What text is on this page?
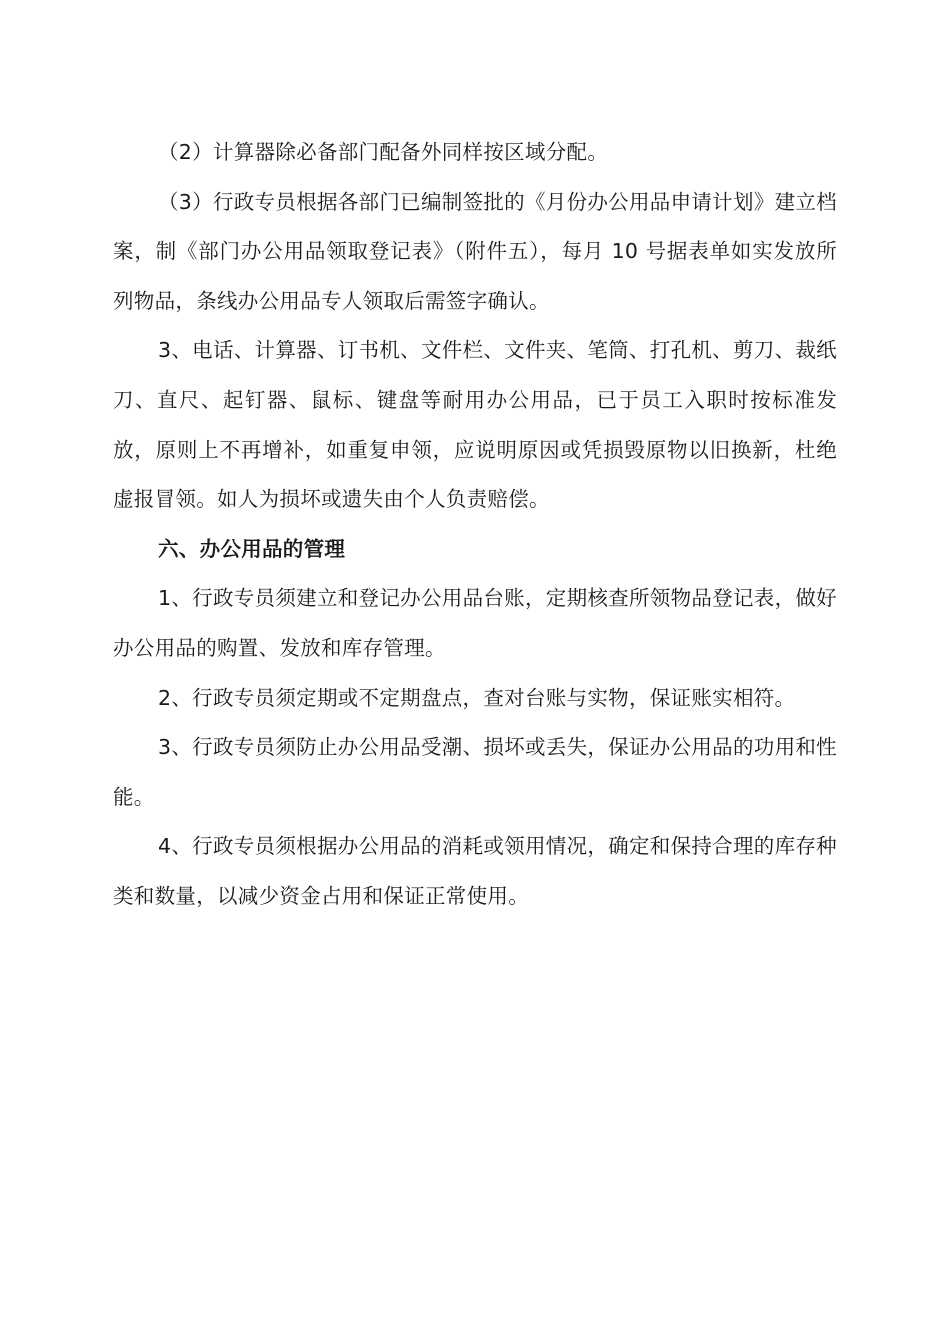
（2）计算器除必备部门配备外同样按区域分配。

（3）行政专员根据各部门已编制签批的《月份办公用品申请计划》建立档案，制《部门办公用品领取登记表》（附件五），每月 10 号据表单如实发放所列物品，条线办公用品专人领取后需签字确认。

3、电话、计算器、订书机、文件栏、文件夹、笔筒、打孔机、剪刀、裁纸刀、直尺、起钉器、鼠标、键盘等耐用办公用品，已于员工入职时按标准发放，原则上不再增补，如重复申领，应说明原因或凭损毁原物以旧换新，杜绝虚报冒领。如人为损坏或遗失由个人负责赔偿。

六、办公用品的管理

1、行政专员须建立和登记办公用品台账，定期核查所领物品登记表，做好办公用品的购置、发放和库存管理。

2、行政专员须定期或不定期盘点，查对台账与实物，保证账实相符。

3、行政专员须防止办公用品受潮、损坏或丢失，保证办公用品的功用和性能。

4、行政专员须根据办公用品的消耗或领用情况，确定和保持合理的库存种类和数量，以减少资金占用和保证正常使用。
